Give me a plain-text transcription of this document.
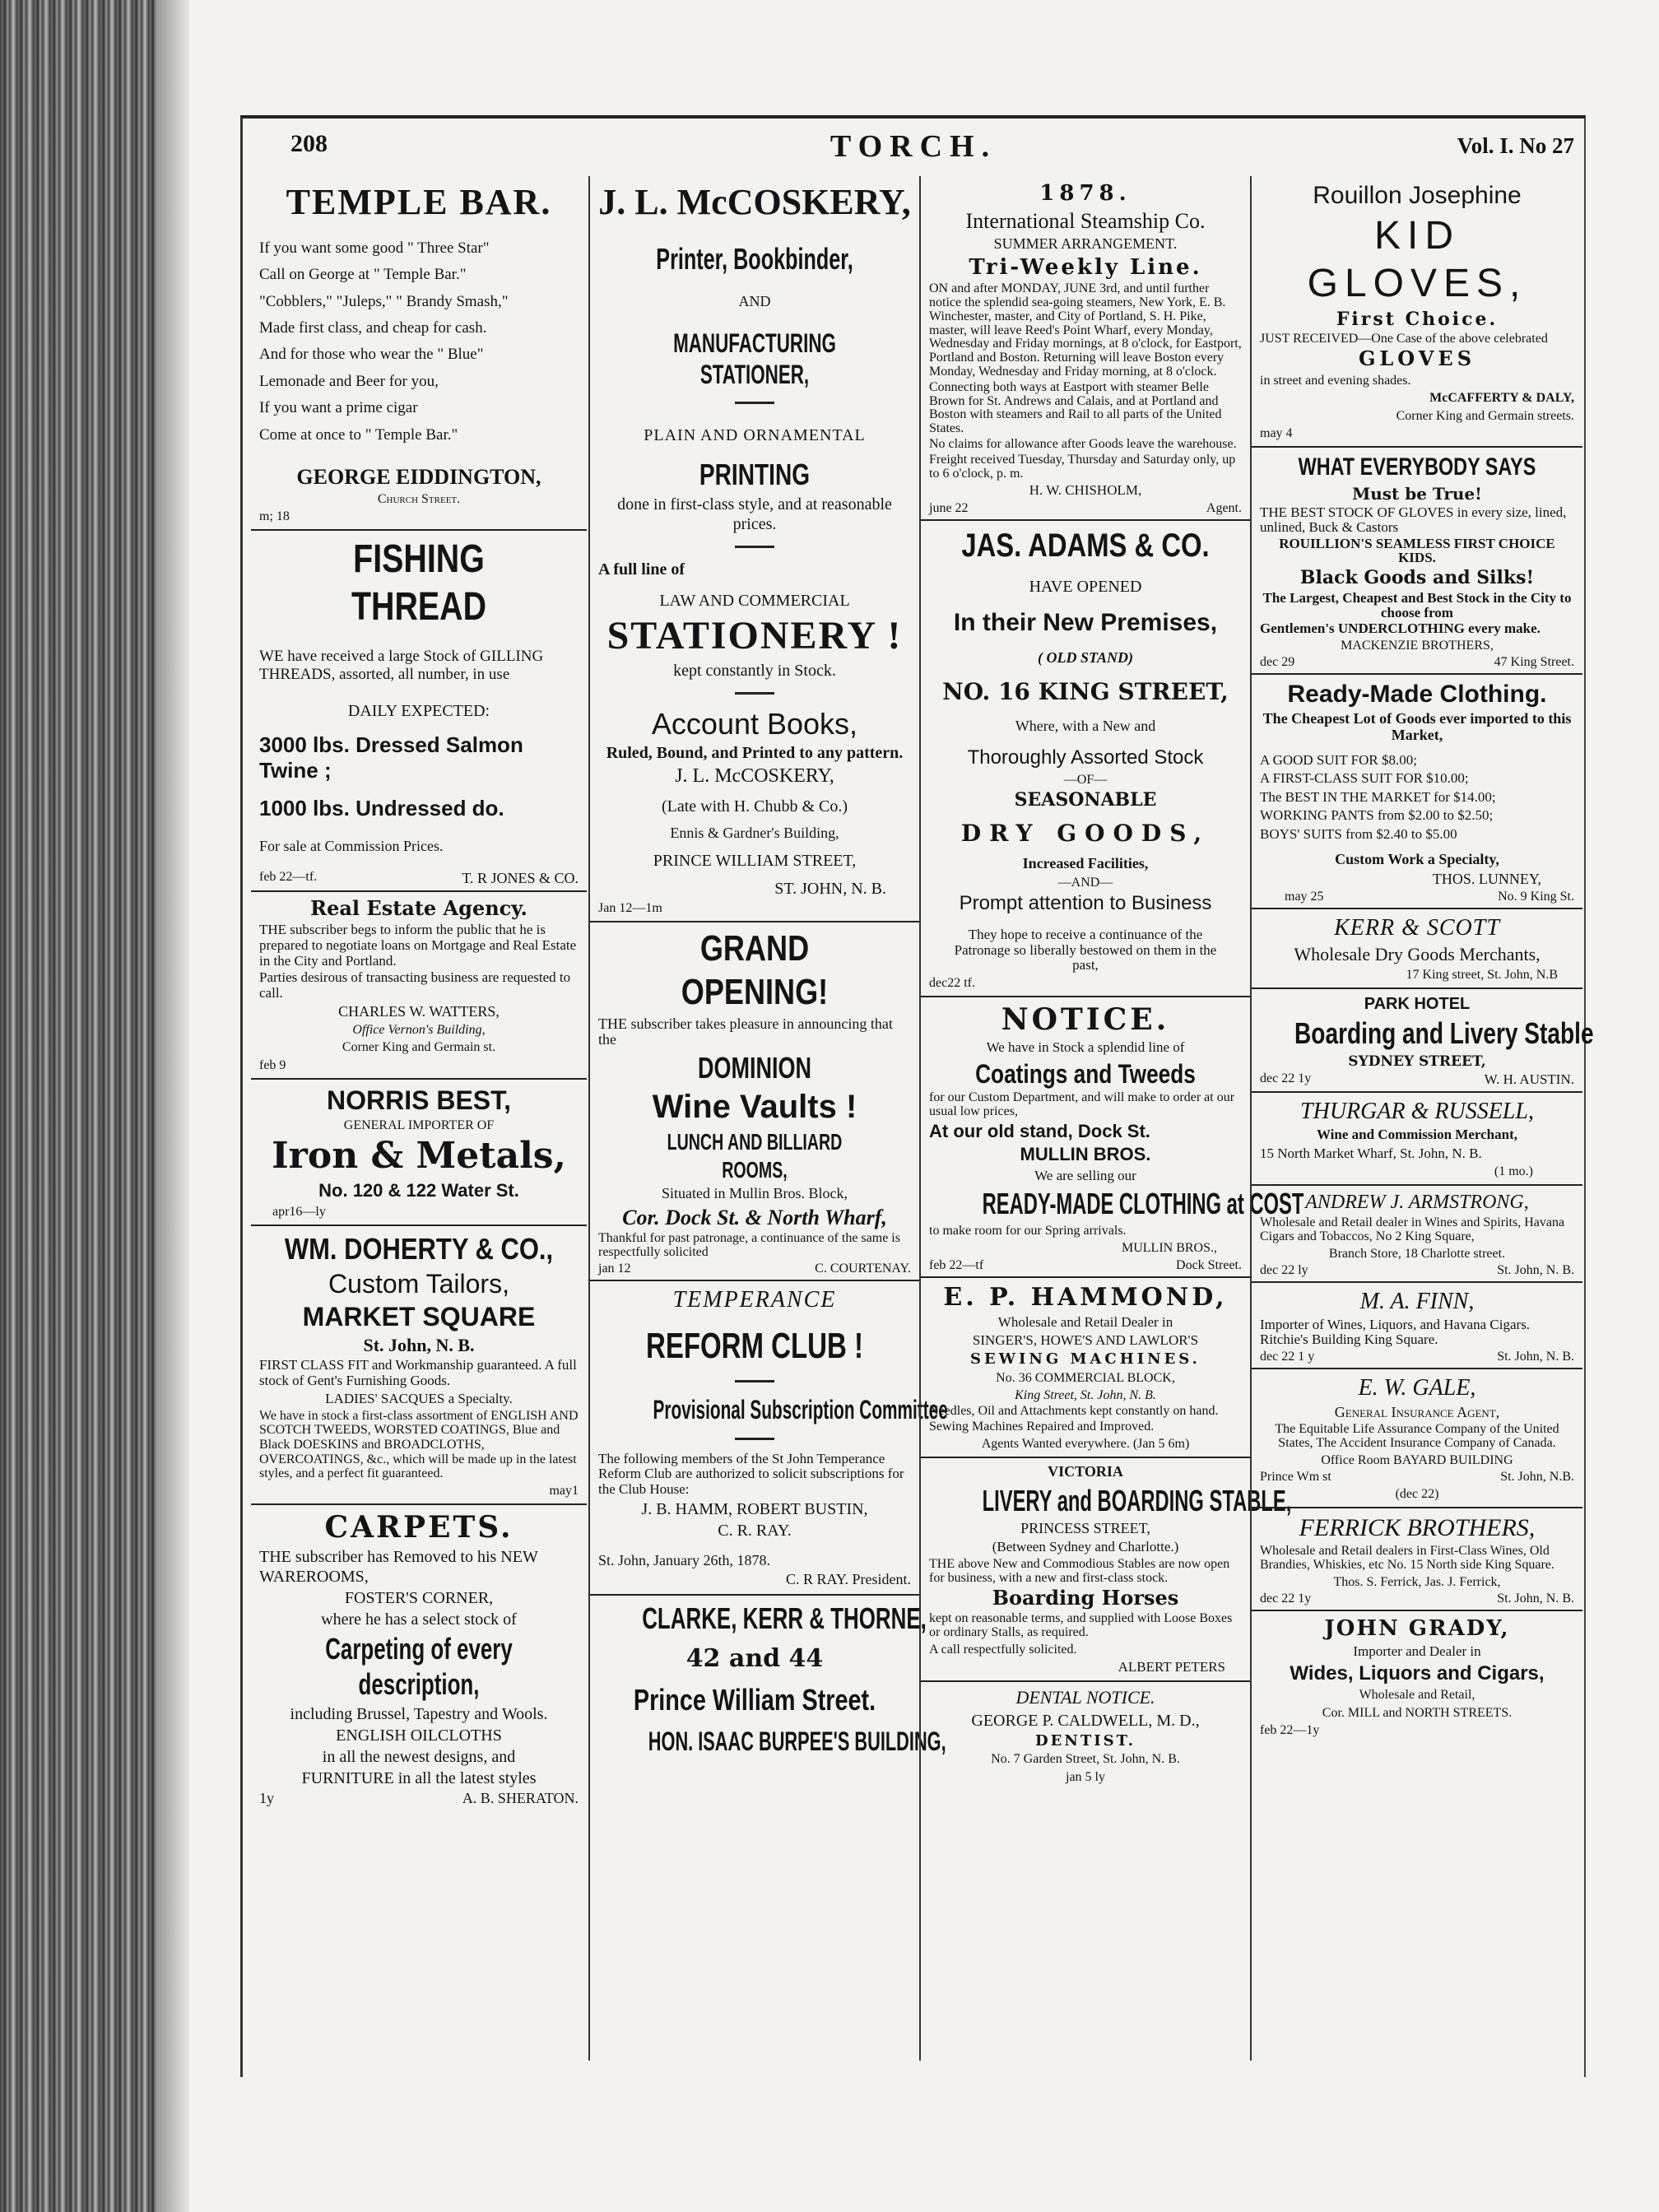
208	TORCH.	Vol. I. No 27
TEMPLE BAR.
If you want some good " Three Star"
Call on George at " Temple Bar."
"Cobblers," "Juleps," " Brandy Smash,"
Made first class, and cheap for cash.
And for those who wear the " Blue"
Lemonade and Beer for you,
If you want a prime cigar
Come at once to " Temple Bar."
GEORGE EIDDINGTON,
Church Street.
m; 18
FISHING THREAD
WE have received a large Stock of GILLING THREADS, assorted, all number, in use
DAILY EXPECTED:
3000 lbs. Dressed Salmon Twine ;
1000 lbs. Undressed do.
For sale at Commission Prices.
feb 22—tf.	T. R JONES & CO.
Real Estate Agency.
THE subscriber begs to inform the public that he is prepared to negotiate loans on Mortgage and Real Estate in the City and Portland.
Parties desirous of transacting business are requested to call.
CHARLES W. WATTERS,
Office Vernon's Building,
Corner King and Germain st.
feb 9
NORRIS BEST,
GENERAL IMPORTER OF
Iron & Metals,
No. 120 & 122 Water St.
apr16—ly
WM. DOHERTY & CO.,
Custom Tailors,
MARKET SQUARE
St. John, N. B.
FIRST CLASS FIT and Workmanship guaranteed. A full stock of Gent's Furnishing Goods.
LADIES' SACQUES a Specialty.
We have in stock a first-class assortment of ENGLISH AND SCOTCH TWEEDS, WORSTED COATINGS, Blue and Black DOESKINS and BROADCLOTHS, OVERCOATINGS, &c., which will be made up in the latest styles, and a perfect fit guaranteed.
may1
CARPETS.
THE subscriber has Removed to his NEW WAREROOMS,
FOSTER'S CORNER,
where he has a select stock of
Carpeting of every description,
including Brussel, Tapestry and Wools.
ENGLISH OILCLOTHS
in all the newest designs, and
FURNITURE in all the latest styles
1y	A. B. SHERATON.
J. L. McCOSKERY,
Printer, Bookbinder,
AND
MANUFACTURING STATIONER,
PLAIN AND ORNAMENTAL
PRINTING
done in first-class style, and at reasonable prices.
A full line of
LAW AND COMMERCIAL
STATIONERY !
kept constantly in Stock.
Account Books,
Ruled, Bound, and Printed to any pattern.
J. L. McCOSKERY,
(Late with H. Chubb & Co.)
Ennis & Gardner's Building,
PRINCE WILLIAM STREET,
ST. JOHN, N. B.
Jan 12—1m
GRAND OPENING!
THE subscriber takes pleasure in announcing that the
DOMINION
Wine Vaults !
LUNCH AND BILLIARD ROOMS,
Situated in Mullin Bros. Block,
Cor. Dock St. & North Wharf,
Thankful for past patronage, a continuance of the same is respectfully solicited
jan 12	C. COURTENAY.
TEMPERANCE
REFORM CLUB !
Provisional Subscription Committee
The following members of the St John Temperance Reform Club are authorized to solicit subscriptions for the Club House:
J. B. HAMM, ROBERT BUSTIN,
C. R. RAY.
St. John, January 26th, 1878.
C. R RAY. President.
CLARKE, KERR & THORNE,
42 and 44
Prince William Street.
HON. ISAAC BURPEE'S BUILDING,
1878.
International Steamship Co.
SUMMER ARRANGEMENT.
Tri-Weekly Line.
ON and after MONDAY, JUNE 3rd, and until further notice the splendid sea-going steamers, New York, E. B. Winchester, master, and City of Portland, S. H. Pike, master, will leave Reed's Point Wharf, every Monday, Wednesday and Friday mornings, at 8 o'clock, for Eastport, Portland and Boston. Returning will leave Boston every Monday, Wednesday and Friday morning, at 8 o'clock.
Connecting both ways at Eastport with steamer Belle Brown for St. Andrews and Calais, and at Portland and Boston with steamers and Rail to all parts of the United States.
No claims for allowance after Goods leave the warehouse.
Freight received Tuesday, Thursday and Saturday only, up to 6 o'clock, p. m.
H. W. CHISHOLM,
june 22	Agent.
JAS. ADAMS & CO.
HAVE OPENED
In their New Premises,
( OLD STAND)
NO. 16 KING STREET,
Where, with a New and
Thoroughly Assorted Stock
—OF—
SEASONABLE
DRY GOODS,
Increased Facilities,
—AND—
Prompt attention to Business
They hope to receive a continuance of the Patronage so liberally bestowed on them in the past,
dec22 tf.
NOTICE.
We have in Stock a splendid line of
Coatings and Tweeds
for our Custom Department, and will make to order at our usual low prices,
At our old stand, Dock St.
MULLIN BROS.
We are selling our
READY-MADE CLOTHING at COST
to make room for our Spring arrivals.
MULLIN BROS.,
feb 22—tf	Dock Street.
E. P. HAMMOND,
Wholesale and Retail Dealer in
SINGER'S, HOWE'S AND LAWLOR'S
SEWING MACHINES.
No. 36 COMMERCIAL BLOCK,
King Street, St. John, N. B.
Needles, Oil and Attachments kept constantly on hand.
Sewing Machines Repaired and Improved.
Agents Wanted everywhere. (Jan 5 6m)
VICTORIA
LIVERY and BOARDING STABLE,
PRINCESS STREET,
(Between Sydney and Charlotte.)
THE above New and Commodious Stables are now open for business, with a new and first-class stock.
Boarding Horses
kept on reasonable terms, and supplied with Loose Boxes or ordinary Stalls, as required.
A call respectfully solicited.
ALBERT PETERS
DENTAL NOTICE.
GEORGE P. CALDWELL, M. D.,
DENTIST.
No. 7 Garden Street, St. John, N. B.
jan 5 ly
Rouillon Josephine
KID GLOVES,
First Choice.
JUST RECEIVED—One Case of the above celebrated
GLOVES
in street and evening shades.
McCAFFERTY & DALY,
Corner King and Germain streets.
may 4
WHAT EVERYBODY SAYS
Must be True!
THE BEST STOCK OF GLOVES in every size, lined, unlined, Buck & Castors
ROUILLION'S SEAMLESS FIRST CHOICE KIDS.
Black Goods and Silks!
The Largest, Cheapest and Best Stock in the City to choose from
Gentlemen's UNDERCLOTHING every make.
MACKENZIE BROTHERS,
dec 29	47 King Street.
Ready-Made Clothing.
The Cheapest Lot of Goods ever imported to this Market,
A GOOD SUIT FOR $8.00;
A FIRST-CLASS SUIT FOR $10.00;
The BEST IN THE MARKET for $14.00;
WORKING PANTS from $2.00 to $2.50;
BOYS' SUITS from $2.40 to $5.00
Custom Work a Specialty,
THOS. LUNNEY,
may 25	No. 9 King St.
KERR & SCOTT
Wholesale Dry Goods Merchants,
17 King street, St. John, N.B
PARK HOTEL
Boarding and Livery Stable
SYDNEY STREET,
dec 22 1y	W. H. AUSTIN.
THURGAR & RUSSELL,
Wine and Commission Merchant,
15 North Market Wharf, St. John, N. B.
(1 mo.)
ANDREW J. ARMSTRONG,
Wholesale and Retail dealer in Wines and Spirits, Havana Cigars and Tobaccos, No 2 King Square,
Branch Store, 18 Charlotte street.
dec 22 ly	St. John, N. B.
M. A. FINN,
Importer of Wines, Liquors, and Havana Cigars. Ritchie's Building King Square.
dec 22 1 y	St. John, N. B.
E. W. GALE,
General Insurance Agent,
The Equitable Life Assurance Company of the United States, The Accident Insurance Company of Canada.
Office Room BAYARD BUILDING
Prince Wm st	St. John, N.B.
(dec 22)
FERRICK BROTHERS,
Wholesale and Retail dealers in First-Class Wines, Old Brandies, Whiskies, etc No. 15 North side King Square.
Thos. S. Ferrick, Jas. J. Ferrick,
dec 22 1y	St. John, N. B.
JOHN GRADY,
Importer and Dealer in
Wides, Liquors and Cigars,
Wholesale and Retail,
Cor. MILL and NORTH STREETS.
feb 22—1y
